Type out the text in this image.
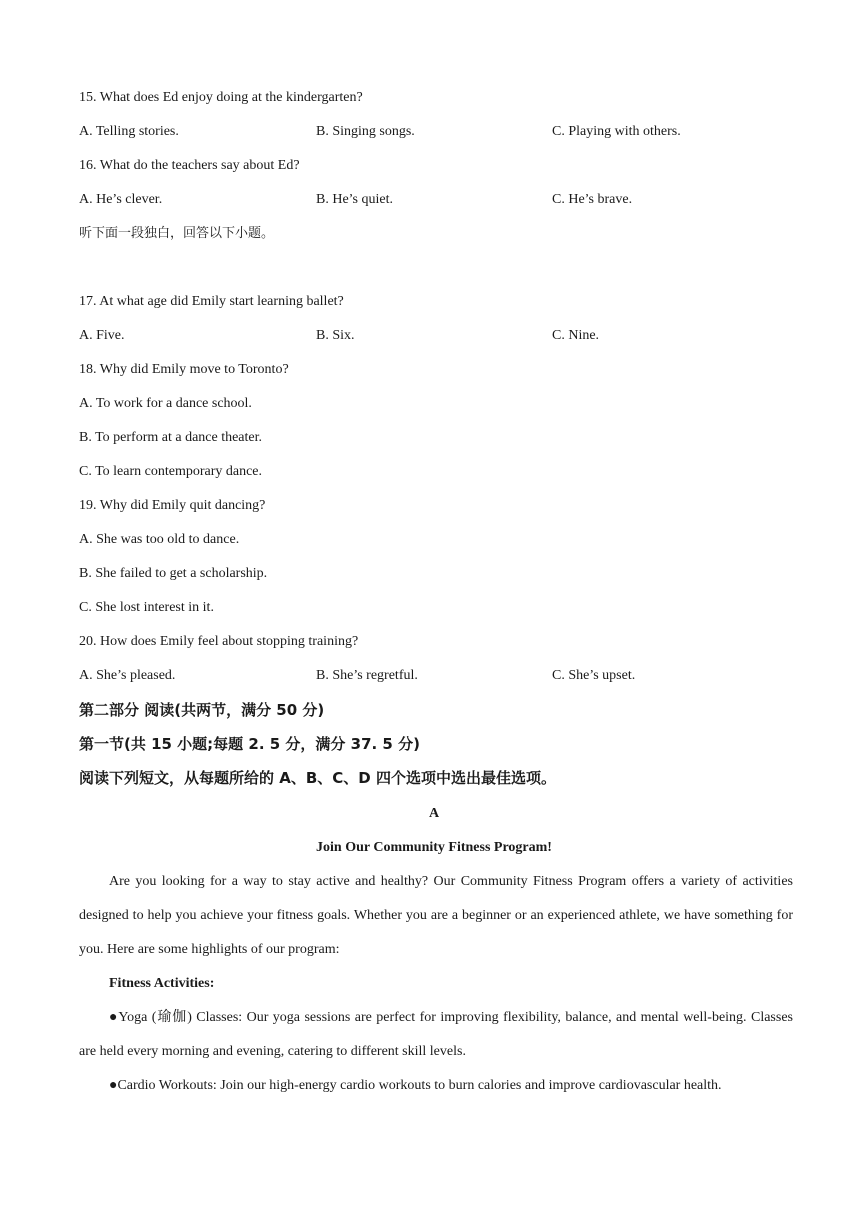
15. What does Ed enjoy doing at the kindergarten?
A. Telling stories.	B. Singing songs.	C. Playing with others.
16. What do the teachers say about Ed?
A. He’s clever.	B. He’s quiet.	C. He’s brave.
听下面一段独白，回答以下小题。
17. At what age did Emily start learning ballet?
A. Five.	B. Six.	C. Nine.
18. Why did Emily move to Toronto?
A. To work for a dance school.
B. To perform at a dance theater.
C. To learn contemporary dance.
19. Why did Emily quit dancing?
A. She was too old to dance.
B. She failed to get a scholarship.
C. She lost interest in it.
20. How does Emily feel about stopping training?
A. She’s pleased.	B. She’s regretful.	C. She’s upset.
第二部分 阅读(共两节，满分 50 分)
第一节(共 15 小题;每题 2. 5 分，满分 37. 5 分)
阅读下列短文，从每题所给的 A、B、C、D 四个选项中选出最佳选项。
A
Join Our Community Fitness Program!
Are you looking for a way to stay active and healthy? Our Community Fitness Program offers a variety of activities designed to help you achieve your fitness goals. Whether you are a beginner or an experienced athlete, we have something for you. Here are some highlights of our program:
Fitness Activities:
●Yoga (瑜伽) Classes: Our yoga sessions are perfect for improving flexibility, balance, and mental well-being. Classes are held every morning and evening, catering to different skill levels.
●Cardio Workouts: Join our high-energy cardio workouts to burn calories and improve cardiovascular health.
